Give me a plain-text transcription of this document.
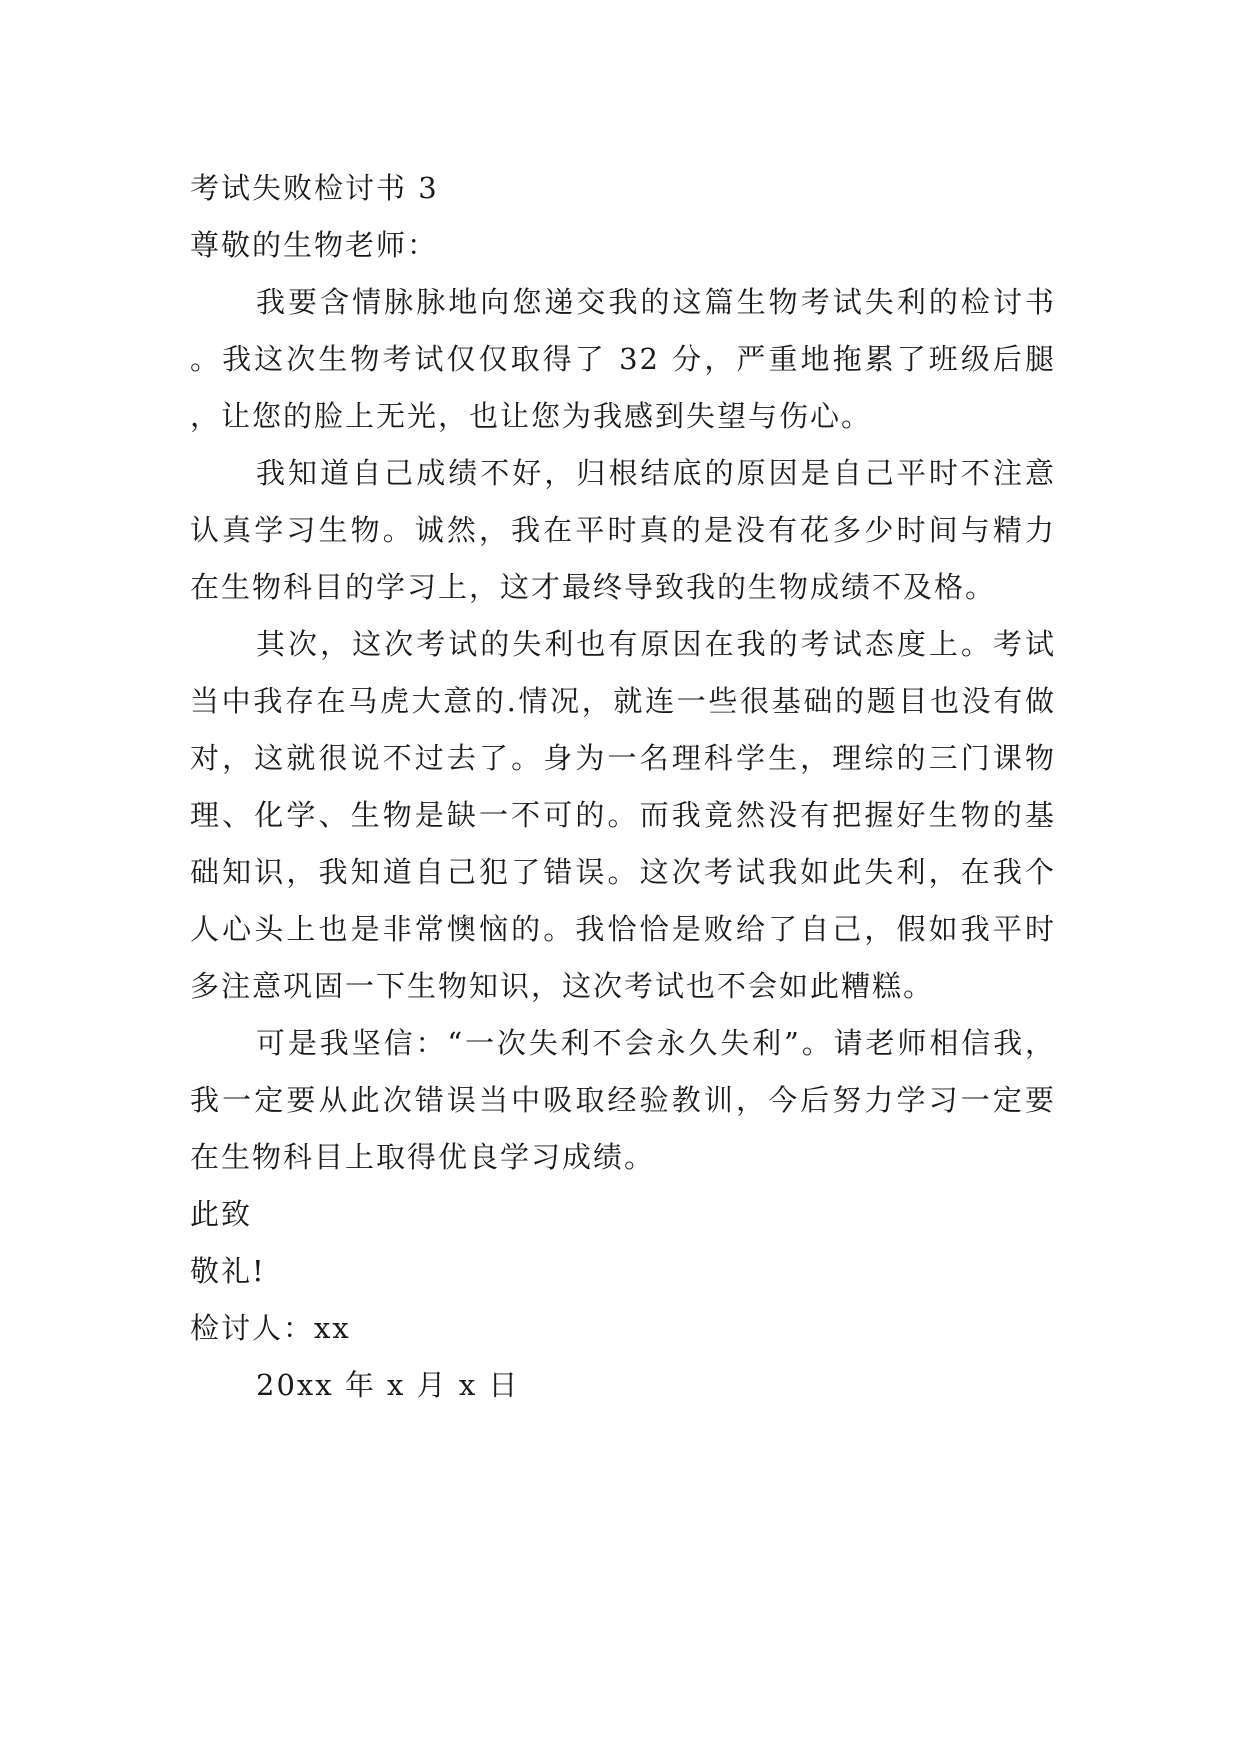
考试失败检讨书 3

尊敬的生物老师：

我要含情脉脉地向您递交我的这篇生物考试失利的检讨书。我这次生物考试仅仅取得了 32 分，严重地拖累了班级后腿，让您的脸上无光，也让您为我感到失望与伤心。

我知道自己成绩不好，归根结底的原因是自己平时不注意认真学习生物。诚然，我在平时真的是没有花多少时间与精力在生物科目的学习上，这才最终导致我的生物成绩不及格。

其次，这次考试的失利也有原因在我的考试态度上。考试当中我存在马虎大意的.情况，就连一些很基础的题目也没有做对，这就很说不过去了。身为一名理科学生，理综的三门课物理、化学、生物是缺一不可的。而我竟然没有把握好生物的基础知识，我知道自己犯了错误。这次考试我如此失利，在我个人心头上也是非常懊恼的。我恰恰是败给了自己，假如我平时多注意巩固一下生物知识，这次考试也不会如此糟糕。

可是我坚信：“一次失利不会永久失利”。请老师相信我，我一定要从此次错误当中吸取经验教训，今后努力学习一定要在生物科目上取得优良学习成绩。

此致

敬礼!

检讨人：xx

20xx 年 x 月 x 日
